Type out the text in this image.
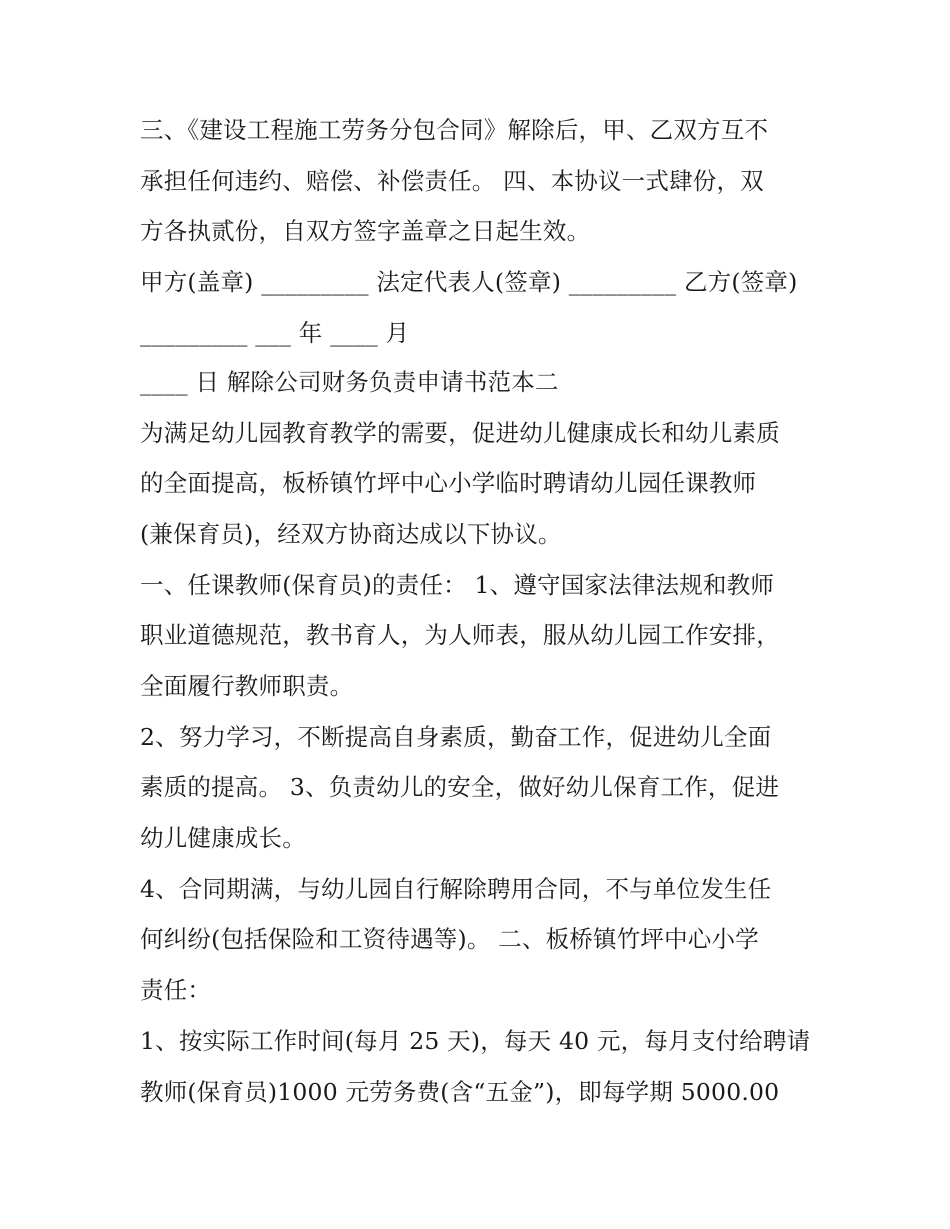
三、《建设工程施工劳务分包合同》解除后，甲、乙双方互不
承担任何违约、赔偿、补偿责任。 四、本协议一式肆份，双
方各执贰份，自双方签字盖章之日起生效。
甲方(盖章) _________ 法定代表人(签章) _________ 乙方(签章)
_________ ___ 年 ____ 月
____ 日 解除公司财务负责申请书范本二
为满足幼儿园教育教学的需要，促进幼儿健康成长和幼儿素质
的全面提高，板桥镇竹坪中心小学临时聘请幼儿园任课教师
(兼保育员)，经双方协商达成以下协议。
一、任课教师(保育员)的责任： 1、遵守国家法律法规和教师
职业道德规范，教书育人，为人师表，服从幼儿园工作安排，
全面履行教师职责。
2、努力学习，不断提高自身素质，勤奋工作，促进幼儿全面
素质的提高。 3、负责幼儿的安全，做好幼儿保育工作，促进
幼儿健康成长。
4、合同期满，与幼儿园自行解除聘用合同，不与单位发生任
何纠纷(包括保险和工资待遇等)。 二、板桥镇竹坪中心小学
责任：
1、按实际工作时间(每月 25 天)，每天 40 元，每月支付给聘请
教师(保育员)1000 元劳务费(含“五金”)，即每学期 5000.00
